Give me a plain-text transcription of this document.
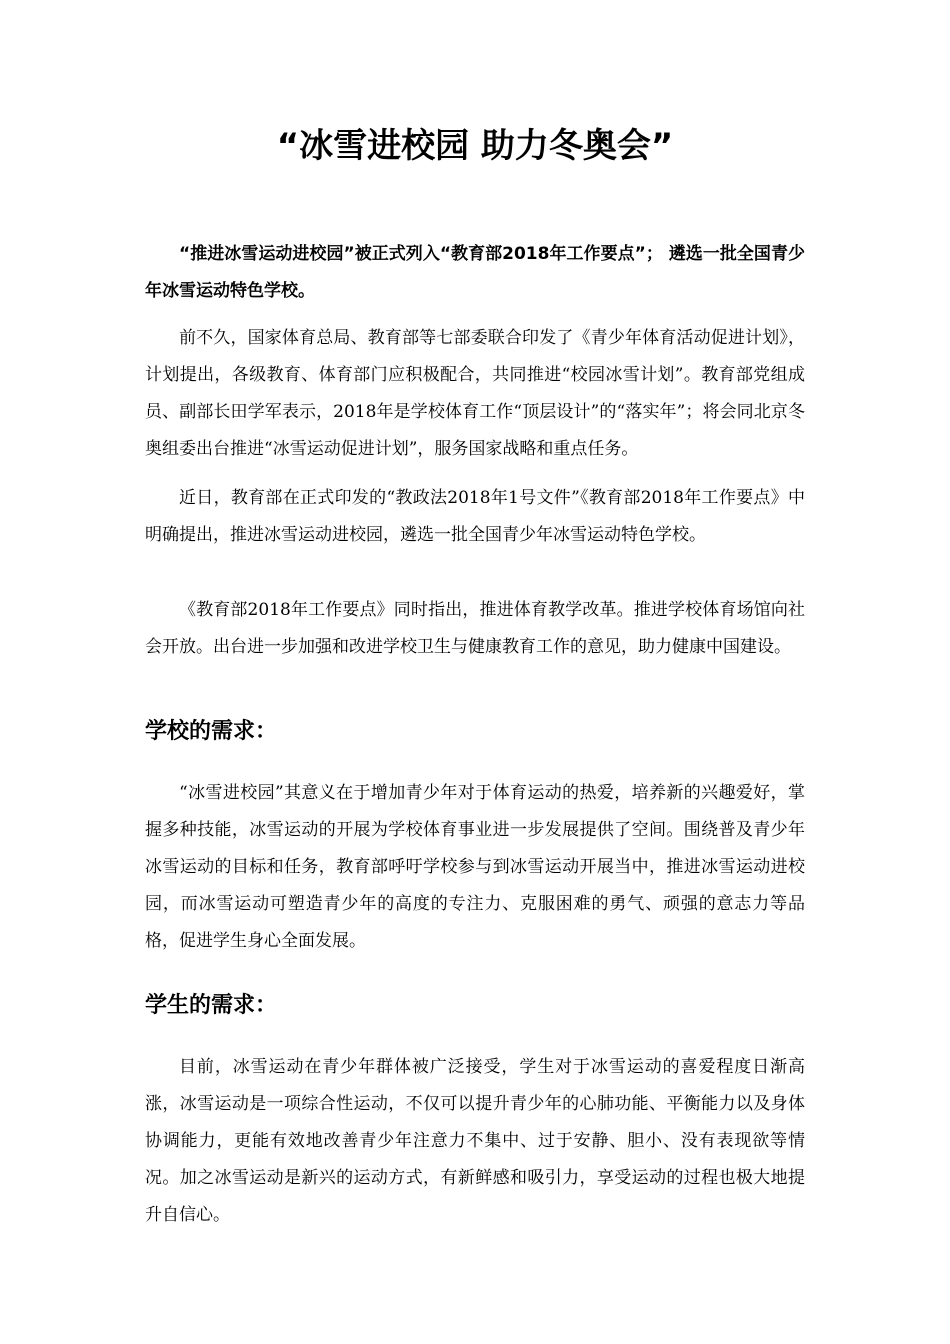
“冰雪进校园 助力冬奥会”

“推进冰雪运动进校园”被正式列入“教育部2018年工作要点”； 遴选一批全国青少年冰雪运动特色学校。

前不久，国家体育总局、教育部等七部委联合印发了《青少年体育活动促进计划》，计划提出，各级教育、体育部门应积极配合，共同推进“校园冰雪计划”。教育部党组成员、副部长田学军表示，2018年是学校体育工作“顶层设计”的“落实年”；将会同北京冬奥组委出台推进“冰雪运动促进计划”，服务国家战略和重点任务。

近日，教育部在正式印发的“教政法2018年1号文件”《教育部2018年工作要点》中明确提出，推进冰雪运动进校园，遴选一批全国青少年冰雪运动特色学校。

《教育部2018年工作要点》同时指出，推进体育教学改革。推进学校体育场馆向社会开放。出台进一步加强和改进学校卫生与健康教育工作的意见，助力健康中国建设。

学校的需求：

“冰雪进校园”其意义在于增加青少年对于体育运动的热爱，培养新的兴趣爱好，掌握多种技能，冰雪运动的开展为学校体育事业进一步发展提供了空间。围绕普及青少年冰雪运动的目标和任务，教育部呼吁学校参与到冰雪运动开展当中，推进冰雪运动进校园，而冰雪运动可塑造青少年的高度的专注力、克服困难的勇气、顽强的意志力等品格，促进学生身心全面发展。

学生的需求：

目前，冰雪运动在青少年群体被广泛接受，学生对于冰雪运动的喜爱程度日渐高涨，冰雪运动是一项综合性运动，不仅可以提升青少年的心肺功能、平衡能力以及身体协调能力，更能有效地改善青少年注意力不集中、过于安静、胆小、没有表现欲等情况。加之冰雪运动是新兴的运动方式，有新鲜感和吸引力，享受运动的过程也极大地提升自信心。
